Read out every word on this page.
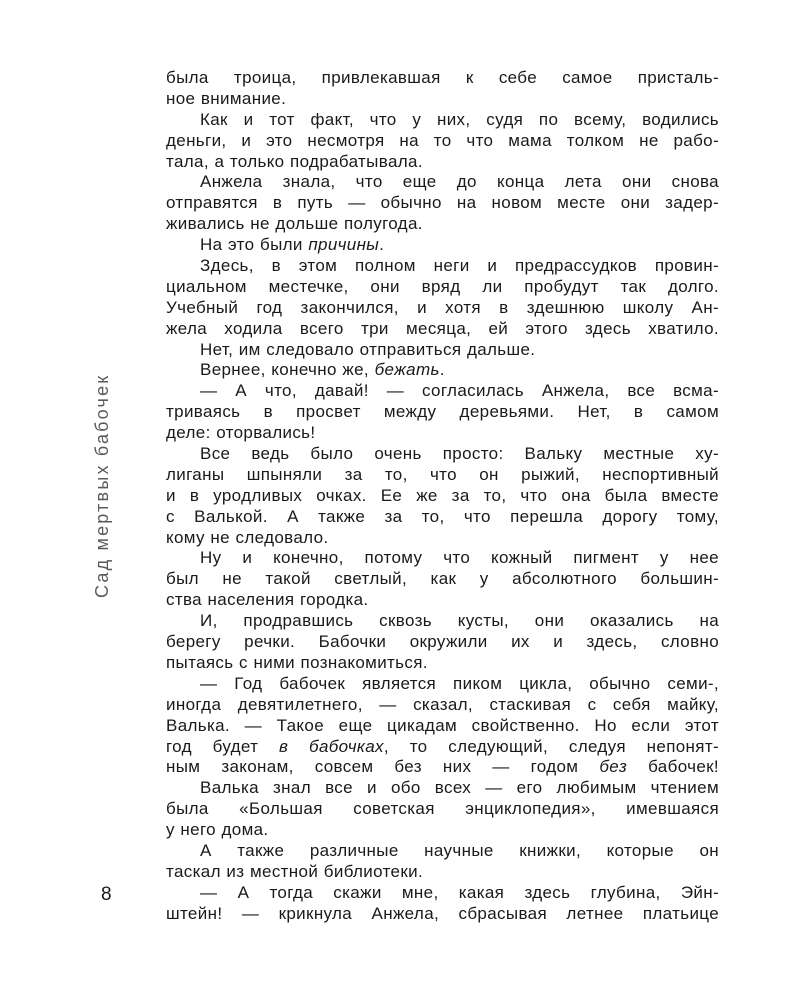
Сад мертвых бабочек
была троица, привлекавшая к себе самое присталь-
ное внимание.
Как и тот факт, что у них, судя по всему, водились
деньги, и это несмотря на то что мама толком не рабо-
тала, а только подрабатывала.
Анжела знала, что еще до конца лета они снова
отправятся в путь — обычно на новом месте они задер-
живались не дольше полугода.
На это были причины.
Здесь, в этом полном неги и предрассудков провин-
циальном местечке, они вряд ли пробудут так долго.
Учебный год закончился, и хотя в здешнюю школу Ан-
жела ходила всего три месяца, ей этого здесь хватило.
Нет, им следовало отправиться дальше.
Вернее, конечно же, бежать.
— А что, давай! — согласилась Анжела, все всма-
триваясь в просвет между деревьями. Нет, в самом
деле: оторвались!
Все ведь было очень просто: Вальку местные ху-
лиганы шпыняли за то, что он рыжий, неспортивный
и в уродливых очках. Ее же за то, что она была вместе
с Валькой. А также за то, что перешла дорогу тому,
кому не следовало.
Ну и конечно, потому что кожный пигмент у нее
был не такой светлый, как у абсолютного большин-
ства населения городка.
И, продравшись сквозь кусты, они оказались на
берегу речки. Бабочки окружили их и здесь, словно
пытаясь с ними познакомиться.
— Год бабочек является пиком цикла, обычно семи-,
иногда девятилетнего, — сказал, стаскивая с себя майку,
Валька. — Такое еще цикадам свойственно. Но если этот
год будет в бабочках, то следующий, следуя непонят-
ным законам, совсем без них — годом без бабочек!
Валька знал все и обо всех — его любимым чтением
была «Большая советская энциклопедия», имевшаяся
у него дома.
А также различные научные книжки, которые он
таскал из местной библиотеки.
— А тогда скажи мне, какая здесь глубина, Эйн-
штейн! — крикнула Анжела, сбрасывая летнее платьице
8
